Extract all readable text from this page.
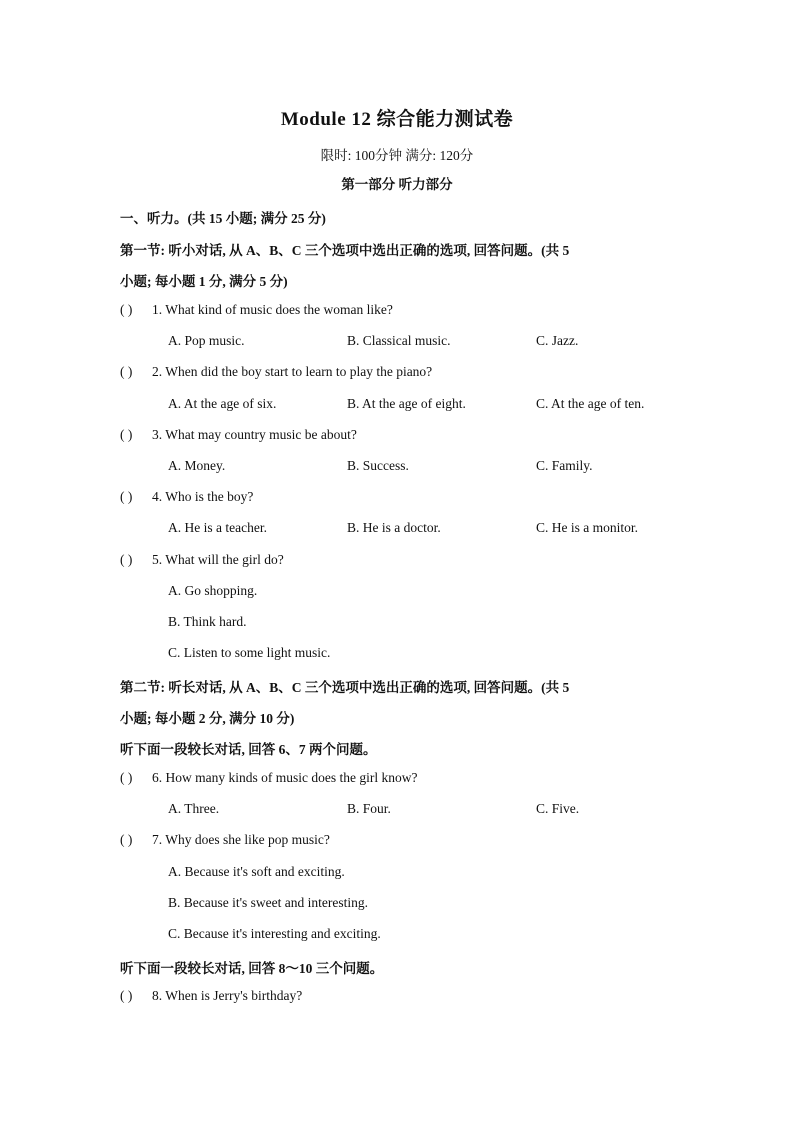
Module 12 综合能力测试卷
限时: 100分钟 满分: 120分
第一部分 听力部分
一、听力。(共 15 小题; 满分 25 分)
第一节: 听小对话, 从 A、B、C 三个选项中选出正确的选项, 回答问题。(共 5
小题; 每小题 1 分, 满分 5 分)
( ) 1. What kind of music does the woman like?
A. Pop music.	B. Classical music.	C. Jazz.
( ) 2. When did the boy start to learn to play the piano?
A. At the age of six.	B. At the age of eight.	C. At the age of ten.
( ) 3. What may country music be about?
A. Money.	B. Success.	C. Family.
( ) 4. Who is the boy?
A. He is a teacher.	B. He is a doctor.	C. He is a monitor.
( ) 5. What will the girl do?
A. Go shopping.
B. Think hard.
C. Listen to some light music.
第二节: 听长对话, 从 A、B、C 三个选项中选出正确的选项, 回答问题。(共 5
小题; 每小题 2 分, 满分 10 分)
听下面一段较长对话, 回答 6、7 两个问题。
( ) 6. How many kinds of music does the girl know?
A. Three.	B. Four.	C. Five.
( ) 7. Why does she like pop music?
A. Because it's soft and exciting.
B. Because it's sweet and interesting.
C. Because it's interesting and exciting.
听下面一段较长对话, 回答 8～10 三个问题。
( ) 8. When is Jerry's birthday?
